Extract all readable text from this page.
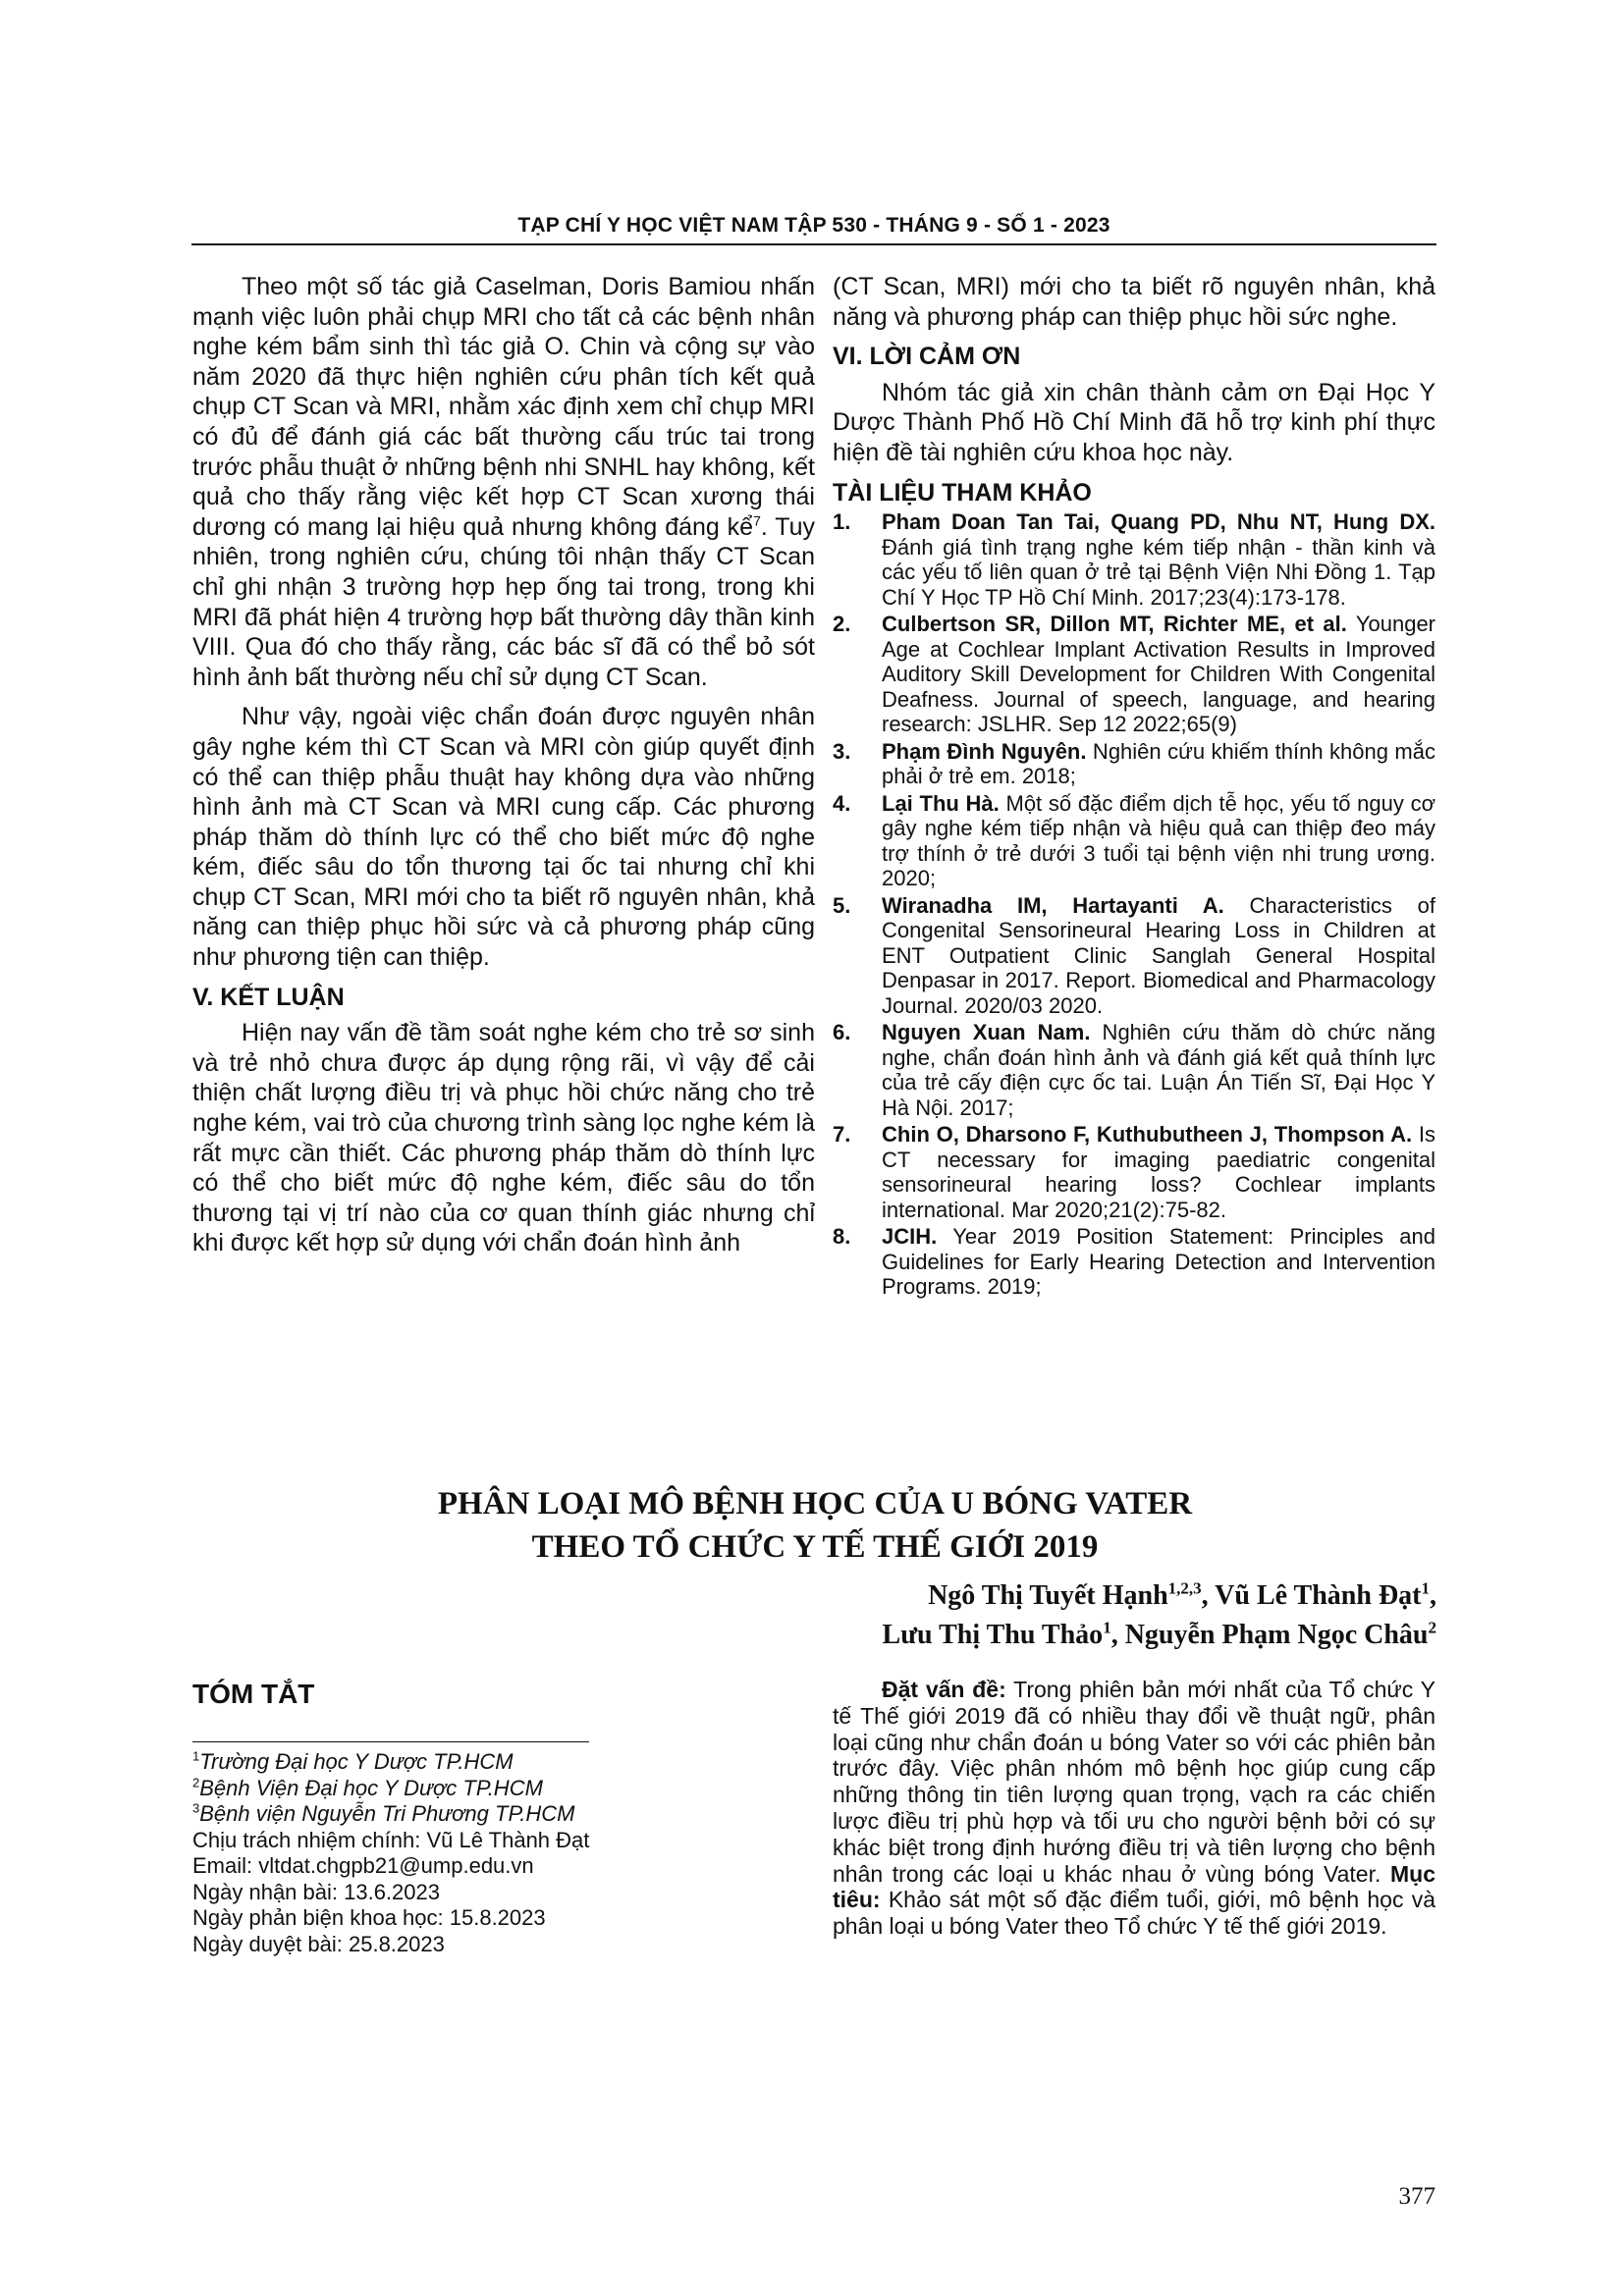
TẠP CHÍ Y HỌC VIỆT NAM TẬP 530 - THÁNG 9 - SỐ 1 - 2023

Theo một số tác giả Caselman, Doris Bamiou nhấn mạnh việc luôn phải chụp MRI cho tất cả các bệnh nhân nghe kém bẩm sinh thì tác giả O. Chin và cộng sự vào năm 2020 đã thực hiện nghiên cứu phân tích kết quả chụp CT Scan và MRI, nhằm xác định xem chỉ chụp MRI có đủ để đánh giá các bất thường cấu trúc tai trong trước phẫu thuật ở những bệnh nhi SNHL hay không, kết quả cho thấy rằng việc kết hợp CT Scan xương thái dương có mang lại hiệu quả nhưng không đáng kể$^7$. Tuy nhiên, trong nghiên cứu, chúng tôi nhận thấy CT Scan chỉ ghi nhận 3 trường hợp hẹp ống tai trong, trong khi MRI đã phát hiện 4 trường hợp bất thường dây thần kinh VIII. Qua đó cho thấy rằng, các bác sĩ đã có thể bỏ sót hình ảnh bất thường nếu chỉ sử dụng CT Scan.

Như vậy, ngoài việc chẩn đoán được nguyên nhân gây nghe kém thì CT Scan và MRI còn giúp quyết định có thể can thiệp phẫu thuật hay không dựa vào những hình ảnh mà CT Scan và MRI cung cấp. Các phương pháp thăm dò thính lực có thể cho biết mức độ nghe kém, điếc sâu do tổn thương tại ốc tai nhưng chỉ khi chụp CT Scan, MRI mới cho ta biết rõ nguyên nhân, khả năng can thiệp phục hồi sức và cả phương pháp cũng như phương tiện can thiệp.

V. KẾT LUẬN

Hiện nay vấn đề tầm soát nghe kém cho trẻ sơ sinh và trẻ nhỏ chưa được áp dụng rộng rãi, vì vậy để cải thiện chất lượng điều trị và phục hồi chức năng cho trẻ nghe kém, vai trò của chương trình sàng lọc nghe kém là rất mực cần thiết. Các phương pháp thăm dò thính lực có thể cho biết mức độ nghe kém, điếc sâu do tổn thương tại vị trí nào của cơ quan thính giác nhưng chỉ khi được kết hợp sử dụng với chẩn đoán hình ảnh

(CT Scan, MRI) mới cho ta biết rõ nguyên nhân, khả năng và phương pháp can thiệp phục hồi sức nghe.

VI. LỜI CẢM ƠN

Nhóm tác giả xin chân thành cảm ơn Đại Học Y Dược Thành Phố Hồ Chí Minh đã hỗ trợ kinh phí thực hiện đề tài nghiên cứu khoa học này.

TÀI LIỆU THAM KHẢO
1.	Pham Doan Tan Tai, Quang PD, Nhu NT, Hung DX. Đánh giá tình trạng nghe kém tiếp nhận - thần kinh và các yếu tố liên quan ở trẻ tại Bệnh Viện Nhi Đồng 1. Tạp Chí Y Học TP Hồ Chí Minh. 2017;23(4):173-178.
2.	Culbertson SR, Dillon MT, Richter ME, et al. Younger Age at Cochlear Implant Activation Results in Improved Auditory Skill Development for Children With Congenital Deafness. Journal of speech, language, and hearing research: JSLHR. Sep 12 2022;65(9)
3.	Phạm Đình Nguyên. Nghiên cứu khiếm thính không mắc phải ở trẻ em. 2018;
4.	Lại Thu Hà. Một số đặc điểm dịch tễ học, yếu tố nguy cơ gây nghe kém tiếp nhận và hiệu quả can thiệp đeo máy trợ thính ở trẻ dưới 3 tuổi tại bệnh viện nhi trung ương. 2020;
5.	Wiranadha IM, Hartayanti A. Characteristics of Congenital Sensorineural Hearing Loss in Children at ENT Outpatient Clinic Sanglah General Hospital Denpasar in 2017. Report. Biomedical and Pharmacology Journal. 2020/03 2020.
6.	Nguyen Xuan Nam. Nghiên cứu thăm dò chức năng nghe, chẩn đoán hình ảnh và đánh giá kết quả thính lực của trẻ cấy điện cực ốc tai. Luận Án Tiến Sĩ, Đại Học Y Hà Nội. 2017;
7.	Chin O, Dharsono F, Kuthubutheen J, Thompson A. Is CT necessary for imaging paediatric congenital sensorineural hearing loss? Cochlear implants international. Mar 2020;21(2):75-82.
8.	JCIH. Year 2019 Position Statement: Principles and Guidelines for Early Hearing Detection and Intervention Programs. 2019;
PHÂN LOẠI MÔ BỆNH HỌC CỦA U BÓNG VATER
THEO TỔ CHỨC Y TẾ THẾ GIỚI 2019
Ngô Thị Tuyết Hạnh$^{1,2,3}$, Vũ Lê Thành Đạt$^1$,
Lưu Thị Thu Thảo$^1$, Nguyễn Phạm Ngọc Châu$^2$
TÓM TẮT
$^1$Trường Đại học Y Dược TP.HCM
$^2$Bệnh Viện Đại học Y Dược TP.HCM
$^3$Bệnh viện Nguyễn Tri Phương TP.HCM
Chịu trách nhiệm chính: Vũ Lê Thành Đạt
Email: vltdat.chgpb21@ump.edu.vn
Ngày nhận bài: 13.6.2023
Ngày phản biện khoa học: 15.8.2023
Ngày duyệt bài: 25.8.2023

Đặt vấn đề: Trong phiên bản mới nhất của Tổ chức Y tế Thế giới 2019 đã có nhiều thay đổi về thuật ngữ, phân loại cũng như chẩn đoán u bóng Vater so với các phiên bản trước đây. Việc phân nhóm mô bệnh học giúp cung cấp những thông tin tiên lượng quan trọng, vạch ra các chiến lược điều trị phù hợp và tối ưu cho người bệnh bởi có sự khác biệt trong định hướng điều trị và tiên lượng cho bệnh nhân trong các loại u khác nhau ở vùng bóng Vater. Mục tiêu: Khảo sát một số đặc điểm tuổi, giới, mô bệnh học và phân loại u bóng Vater theo Tổ chức Y tế thế giới 2019.

377
